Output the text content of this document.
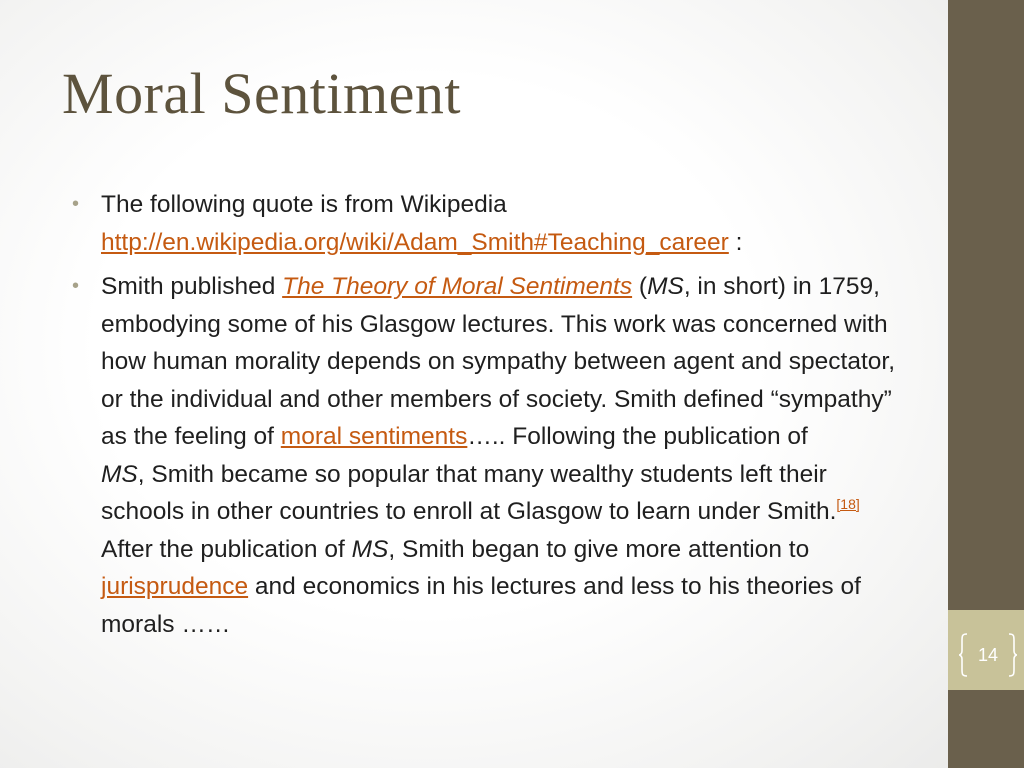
Moral Sentiment
• The following quote is from Wikipedia
http://en.wikipedia.org/wiki/Adam_Smith#Teaching_career :
• Smith published The Theory of Moral Sentiments (MS, in short) in 1759, embodying some of his Glasgow lectures. This work was concerned with how human morality depends on sympathy between agent and spectator, or the individual and other members of society. Smith defined “sympathy” as the feeling of moral sentiments….. Following the publication of
MS, Smith became so popular that many wealthy students left their schools in other countries to enroll at Glasgow to learn under Smith.[18] After the publication of MS, Smith began to give more attention to jurisprudence and economics in his lectures and less to his theories of morals ……
14
